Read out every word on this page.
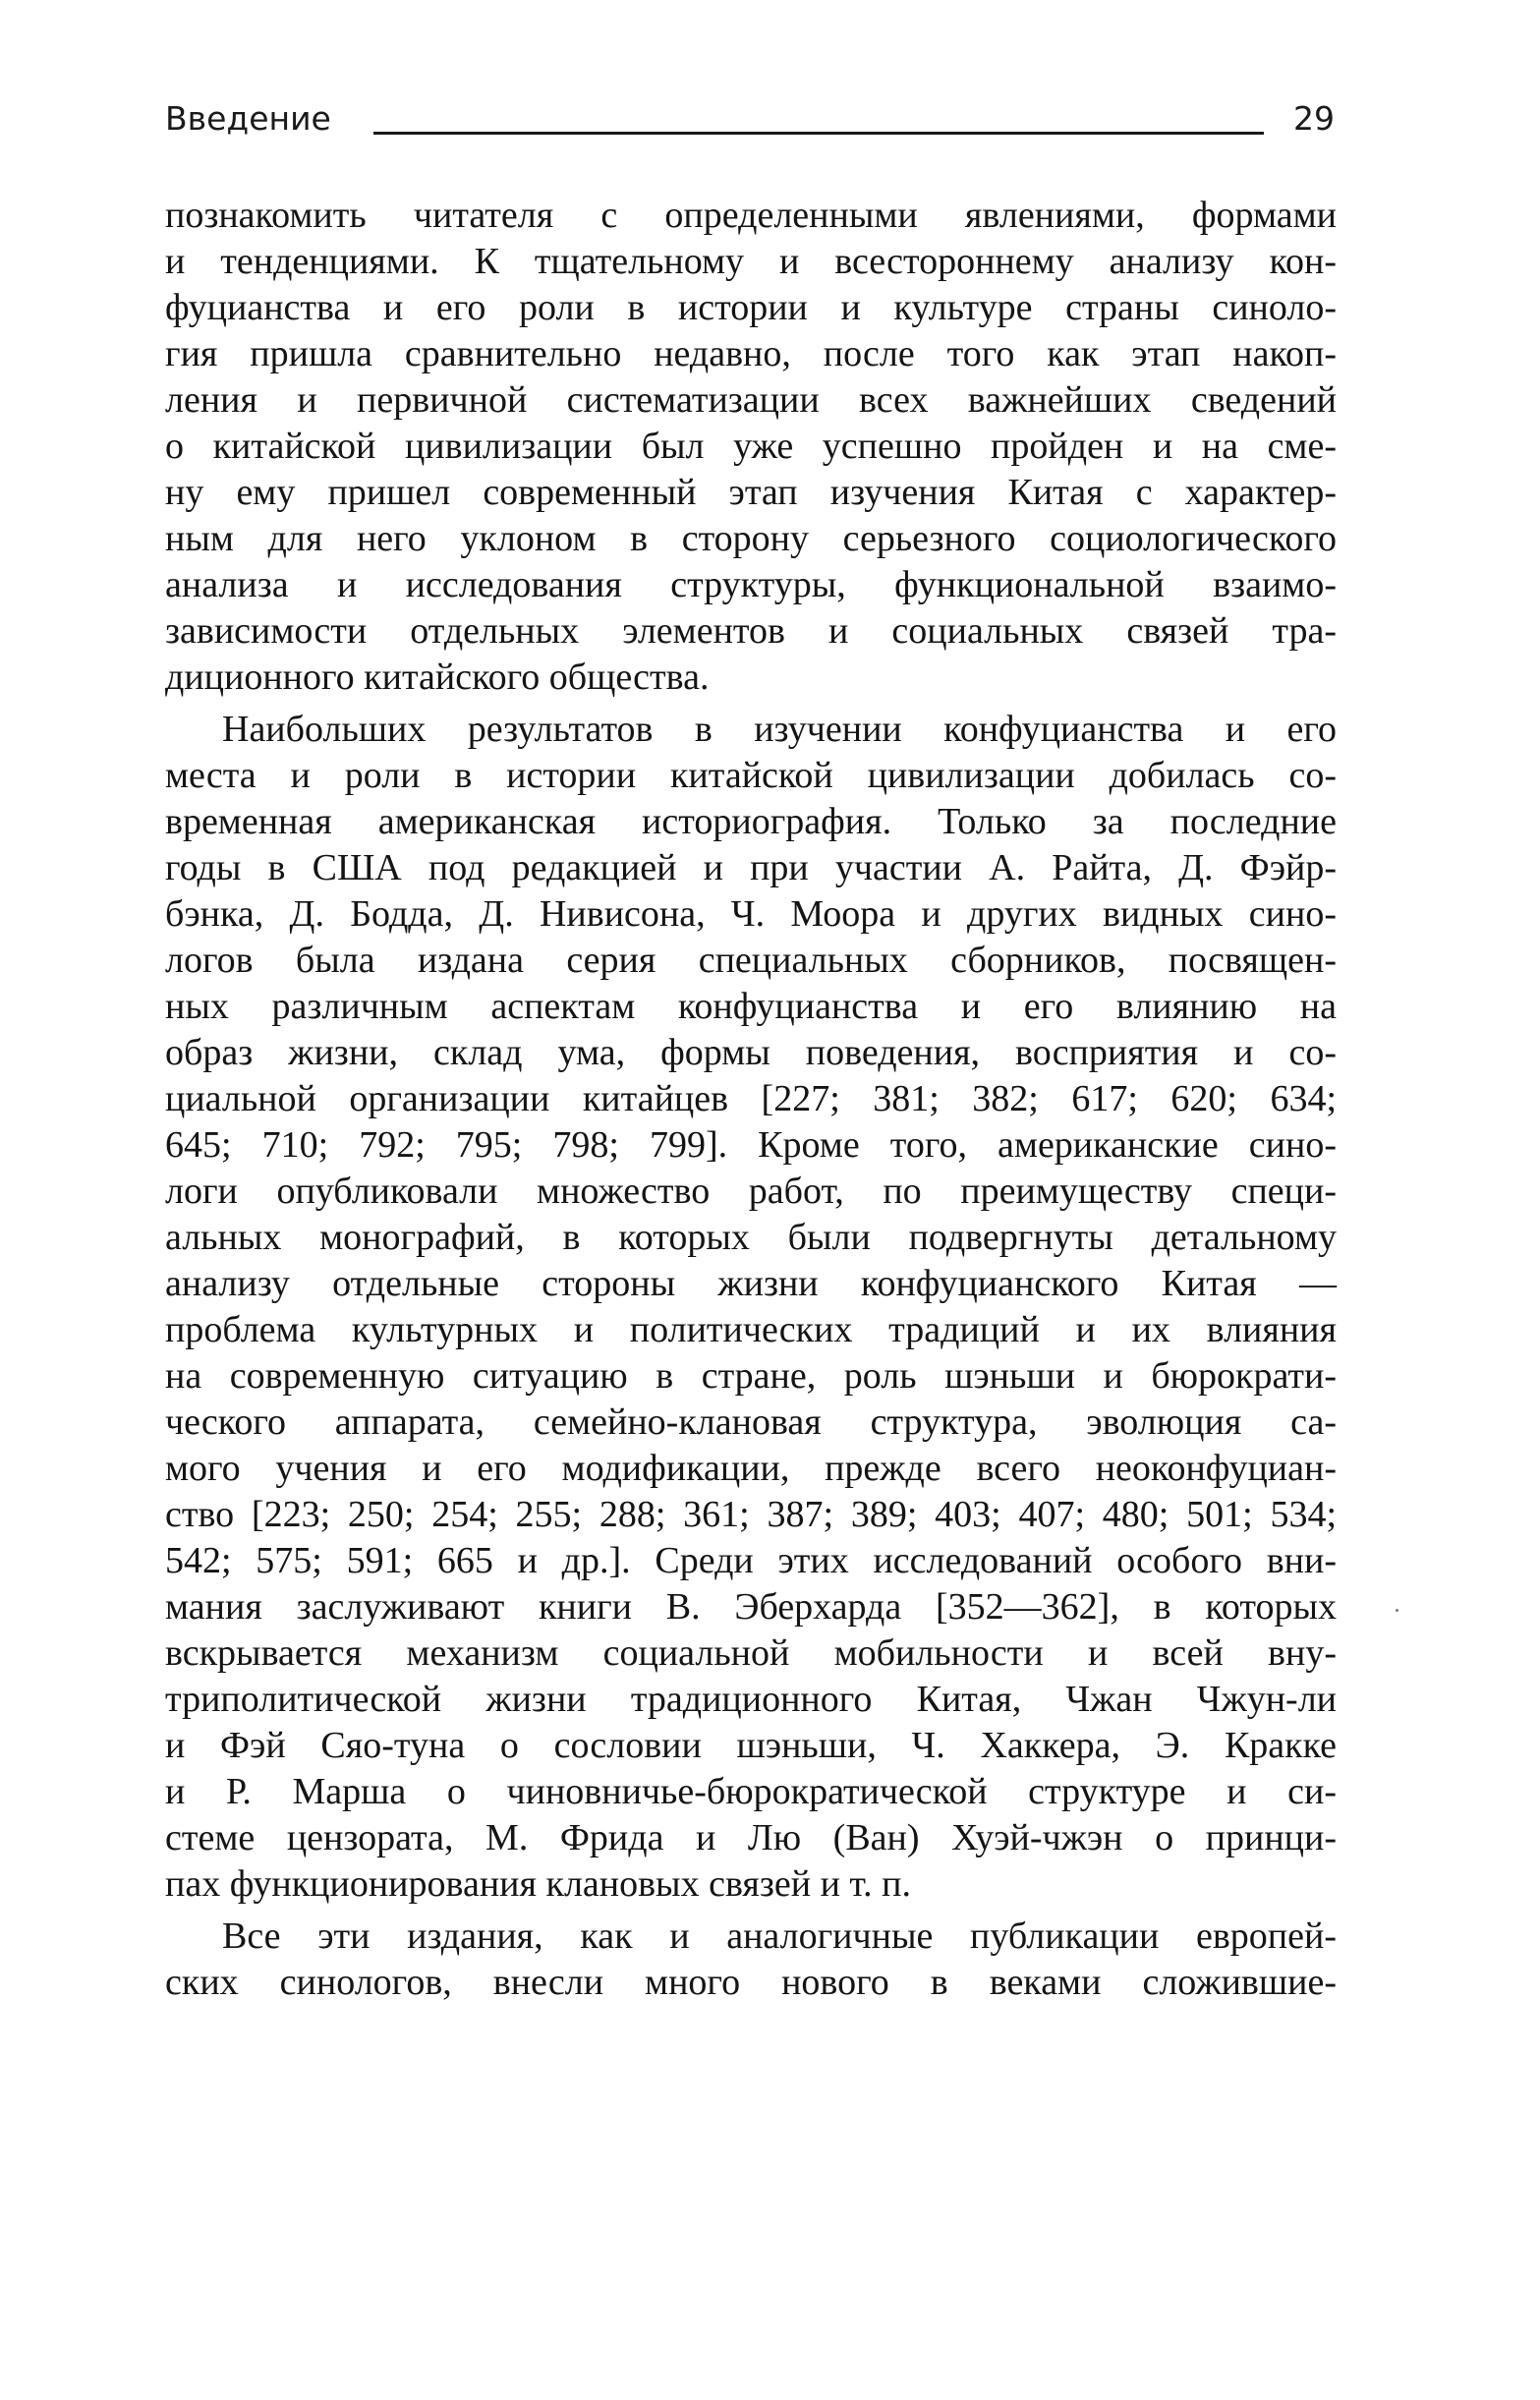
Введение	29
познакомить читателя с определенными явлениями, формами
и тенденциями. К тщательному и всестороннему анализу кон-
фуцианства и его роли в истории и культуре страны синоло-
гия пришла сравнительно недавно, после того как этап накоп-
ления и первичной систематизации всех важнейших сведений
о китайской цивилизации был уже успешно пройден и на сме-
ну ему пришел современный этап изучения Китая с характер-
ным для него уклоном в сторону серьезного социологического
анализа и исследования структуры, функциональной взаимо-
зависимости отдельных элементов и социальных связей тра-
диционного китайского общества.
Наибольших результатов в изучении конфуцианства и его
места и роли в истории китайской цивилизации добилась со-
временная американская историография. Только за последние
годы в США под редакцией и при участии А. Райта, Д. Фэйр-
бэнка, Д. Бодда, Д. Нивисона, Ч. Моора и других видных сино-
логов была издана серия специальных сборников, посвящен-
ных различным аспектам конфуцианства и его влиянию на
образ жизни, склад ума, формы поведения, восприятия и со-
циальной организации китайцев [227; 381; 382; 617; 620; 634;
645; 710; 792; 795; 798; 799]. Кроме того, американские сино-
логи опубликовали множество работ, по преимуществу специ-
альных монографий, в которых были подвергнуты детальному
анализу отдельные стороны жизни конфуцианского Китая —
проблема культурных и политических традиций и их влияния
на современную ситуацию в стране, роль шэньши и бюрократи-
ческого аппарата, семейно-клановая структура, эволюция са-
мого учения и его модификации, прежде всего неоконфуциан-
ство [223; 250; 254; 255; 288; 361; 387; 389; 403; 407; 480; 501; 534;
542; 575; 591; 665 и др.]. Среди этих исследований особого вни-
мания заслуживают книги В. Эберхарда [352—362], в которых
вскрывается механизм социальной мобильности и всей вну-
триполитической жизни традиционного Китая, Чжан Чжун-ли
и Фэй Сяо-туна о сословии шэньши, Ч. Хаккера, Э. Кракке
и Р. Марша о чиновничье-бюрократической структуре и си-
стеме цензората, М. Фрида и Лю (Ван) Хуэй-чжэн о принци-
пах функционирования клановых связей и т. п.
Все эти издания, как и аналогичные публикации европей-
ских синологов, внесли много нового в веками сложившие-
